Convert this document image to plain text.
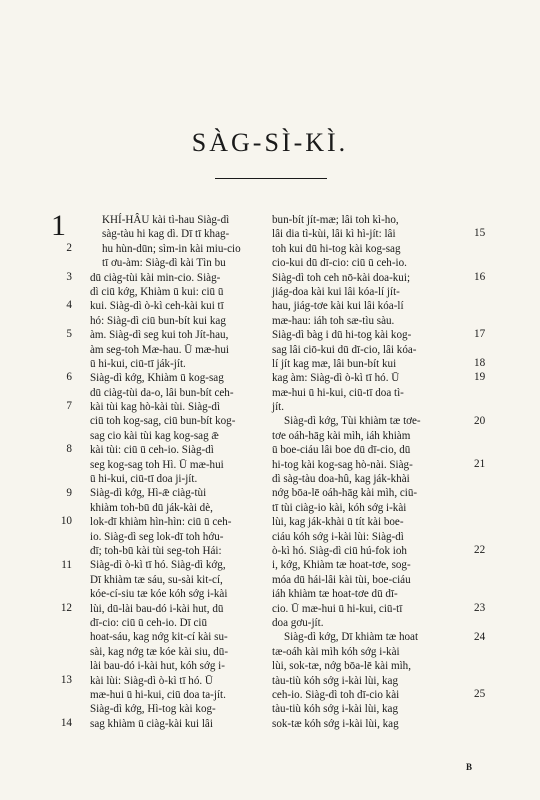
SÀG-SÌ-KÌ.
1	KHÍ-HÂU kài tì-hau Siàg-dì
sàg-tàu hi kag dì. Dī tī khag-
hu hùn-dūn; sìm-in kài miu-cio
tī ơu-àm: Siàg-dì kài Tìn bu
dū ciàg-tùi kài min-cio. Siàg-
dì ciū kớg, Khiàm ū kui: ciū ū
kui. Siàg-dì ò-kì ceh-kài kui tī
hó: Siàg-dì ciū bun-bít kui kag
àm. Siàg-dì seg kui toh Jít-hau,
àm seg-toh Mæ-hau. Ū mæ-hui
ū hi-kui, ciū-tī ják-jít.
Siàg-dì kớg, Khiàm ū kog-sag
dū ciàg-tùi da-o, lâi bun-bít ceh-
kài tùi kag hò-kài tùi. Siàg-dì
ciū toh kog-sag, ciū bun-bít kog-
sag cio kài tùi kag kog-sag ǣ
kài tùi: ciū ū ceh-io. Siàg-dì
seg kog-sag toh Hì. Ū mæ-hui
ū hi-kui, ciū-tī doa ji-jít.
Siàg-dì kớg, Hì-ǣ ciàg-tùi
khiàm toh-bū dū ják-kài dè,
lok-dī khiàm hìn-hìn: ciū ū ceh-
io. Siàg-dì seg lok-dī toh hớu-
dī; toh-bū kài tùi seg-toh Hái:
Siàg-dì ò-kì tī hó. Siàg-dì kớg,
Dī khiàm tæ sáu, su-sài kit-cí,
kóe-cí-siu tæ kóe kóh sớg i-kài
lùi, dū-lài bau-dó i-kài hut, dū
dī-cio: ciū ū ceh-io. Dī ciū
hoat-sáu, kag nớg kit-cí kài su-
sài, kag nớg tæ kóe kài siu, dū-
lài bau-dó i-kài hut, kóh sớg i-
kài lùi: Siàg-dì ò-kì tī hó. Ū
mæ-hui ū hi-kui, ciū doa ta-jít.
Siàg-dì kớg, Hì-tog kài kog-
sag khiàm ū ciàg-kài kui lâi
bun-bít jít-mæ; lâi toh kì-ho,
lâi dia tì-kùi, lâi kì hì-jít: lâi
toh kui dū hi-tog kài kog-sag
cio-kui dū dī-cio: ciū ū ceh-io.
Siàg-dì toh ceh nō-kài doa-kui;
jiág-doa kài kui lâi kóa-lí jít-
hau, jiág-tơe kài kui lâi kóa-lí
mæ-hau: iáh toh sæ-tìu sàu.
Siàg-dì bàg i dū hi-tog kài kog-
sag lâi ciō-kui dū dī-cio, lâi kóa-
lí jít kag mæ, lâi bun-bít kui
kag àm: Siàg-dì ò-kì tī hó. Ū
mæ-hui ū hi-kui, ciū-tī doa tì-
jít.
Siàg-dì kớg, Tùi khiàm tæ tơe-
tơe oáh-hāg kài mìh, iáh khiàm
ū boe-ciáu lâi boe dū dī-cio, dū
hi-tog kài kog-sag hò-nài. Siàg-
dì sàg-tàu doa-hû, kag ják-khài
nớg bōa-lē oáh-hāg kài mìh, ciū-
tī tùi ciàg-io kài, kóh sớg i-kài
lùi, kag ják-khài ū tít kài boe-
ciáu kóh sớg i-kài lùi: Siàg-dì
ò-kì hó. Siàg-dì ciū hú-fok ioh
i, kớg, Khiàm tæ hoat-tơe, sog-
móa dū hái-lâi kài tùi, boe-ciáu
iáh khiàm tæ hoat-tơe dū dī-
cio. Ū mæ-hui ū hi-kui, ciū-tī
doa gơu-jít.
Siàg-dì kớg, Dī khiàm tæ hoat
tæ-oáh kài mìh kóh sớg i-kài
lùi, sok-tæ, nớg bōa-lē kài mìh,
tàu-tiù kóh sớg i-kài lùi, kag
ceh-io. Siàg-dì toh dī-cio kài
tàu-tiù kóh sớg i-kài lùi, kag
sok-tæ kóh sớg i-kài lùi, kag
2
3
4
5
6
7
8
9
10
11
12
13
14
15
16
17
18
19
20
21
22
23
24
25
B
